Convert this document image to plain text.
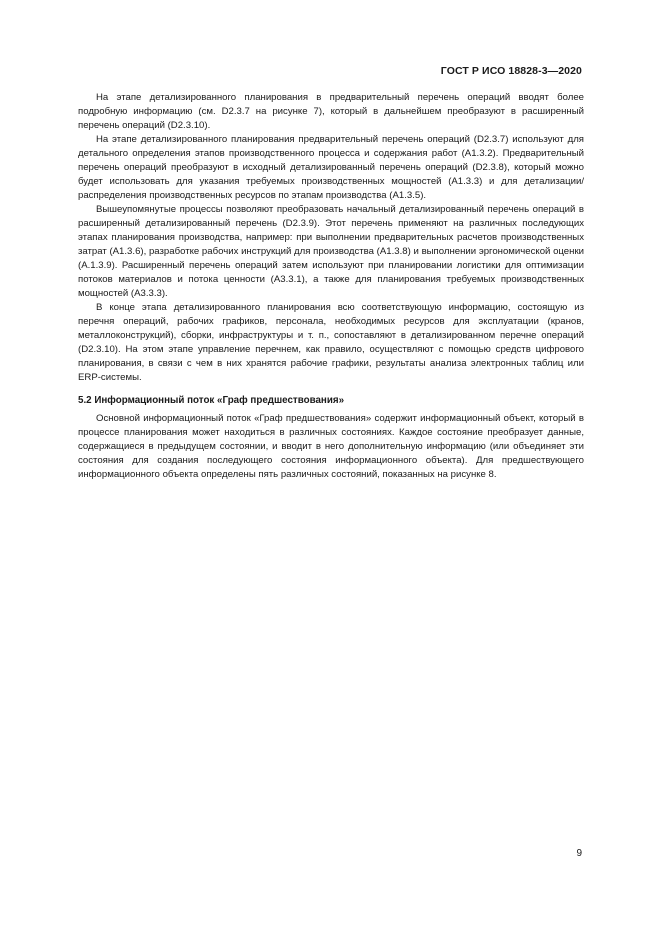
ГОСТ Р ИСО 18828-3—2020

На этапе детализированного планирования в предварительный перечень операций вводят более подробную информацию (см. D2.3.7 на рисунке 7), который в дальнейшем преобразуют в расширенный перечень операций (D2.3.10).

На этапе детализированного планирования предварительный перечень операций (D2.3.7) используют для детального определения этапов производственного процесса и содержания работ (A1.3.2). Предварительный перечень операций преобразуют в исходный детализированный перечень операций (D2.3.8), который можно будет использовать для указания требуемых производственных мощностей (A1.3.3) и для детализации/распределения производственных ресурсов по этапам производства (A1.3.5).

Вышеупомянутые процессы позволяют преобразовать начальный детализированный перечень операций в расширенный детализированный перечень (D2.3.9). Этот перечень применяют на различных последующих этапах планирования производства, например: при выполнении предварительных расчетов производственных затрат (A1.3.6), разработке рабочих инструкций для производства (A1.3.8) и выполнении эргономической оценки (A.1.3.9). Расширенный перечень операций затем используют при планировании логистики для оптимизации потоков материалов и потока ценности (A3.3.1), а также для планирования требуемых производственных мощностей (A3.3.3).

В конце этапа детализированного планирования всю соответствующую информацию, состоящую из перечня операций, рабочих графиков, персонала, необходимых ресурсов для эксплуатации (кранов, металлоконструкций), сборки, инфраструктуры и т. п., сопоставляют в детализированном перечне операций (D2.3.10). На этом этапе управление перечнем, как правило, осуществляют с помощью средств цифрового планирования, в связи с чем в них хранятся рабочие графики, результаты анализа электронных таблиц или ERP-системы.

5.2 Информационный поток «Граф предшествования»

Основной информационный поток «Граф предшествования» содержит информационный объект, который в процессе планирования может находиться в различных состояниях. Каждое состояние преобразует данные, содержащиеся в предыдущем состоянии, и вводит в него дополнительную информацию (или объединяет эти состояния для создания последующего состояния информационного объекта). Для предшествующего информационного объекта определены пять различных состояний, показанных на рисунке 8.

9
